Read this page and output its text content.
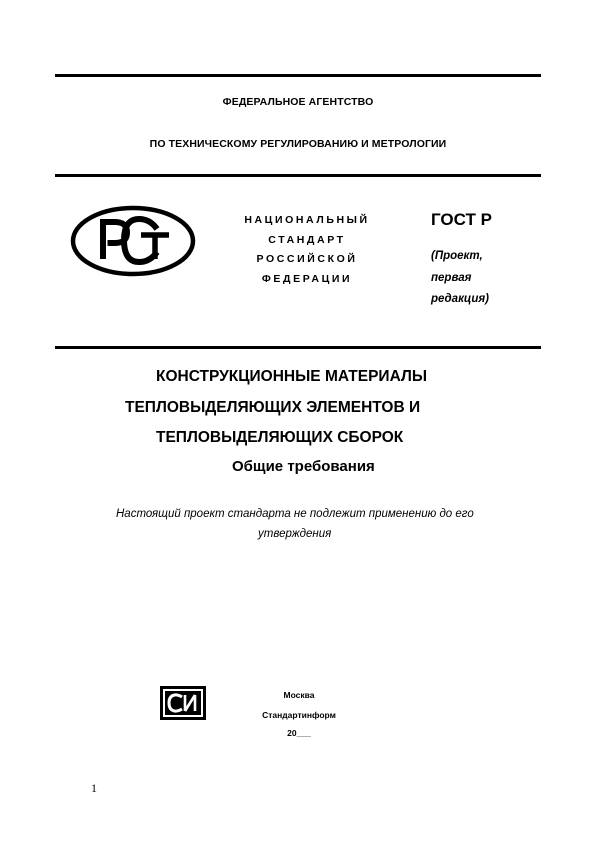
ФЕДЕРАЛЬНОЕ АГЕНТСТВО
ПО ТЕХНИЧЕСКОМУ РЕГУЛИРОВАНИЮ И МЕТРОЛОГИИ
НАЦИОНАЛЬНЫЙ
СТАНДАРТ
РОССИЙСКОЙ
ФЕДЕРАЦИИ
ГОСТ Р
(Проект,
первая
редакция)
КОНСТРУКЦИОННЫЕ МАТЕРИАЛЫ
ТЕПЛОВЫДЕЛЯЮЩИХ ЭЛЕМЕНТОВ И
ТЕПЛОВЫДЕЛЯЮЩИХ СБОРОК
Общие требования
Настоящий проект стандарта не подлежит применению до его
утверждения
Москва
Стандартинформ
20___
1
